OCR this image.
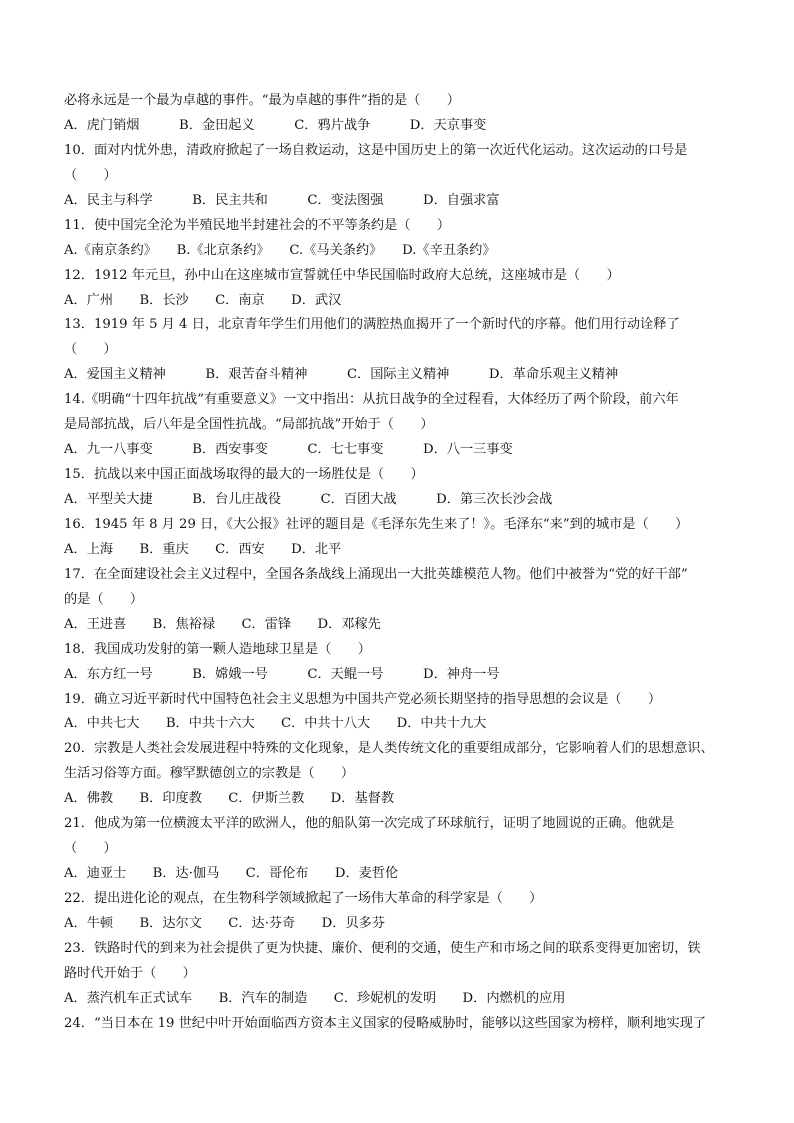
必将永远是一个最为卓越的事件。“最为卓越的事件”指的是（　　）
A．虎门销烟　　　B．金田起义　　　C．鸦片战争　　　D．天京事变
10．面对内忧外患，清政府掀起了一场自救运动，这是中国历史上的第一次近代化运动。这次运动的口号是
（　　）
A．民主与科学　　　B．民主共和　　　C．变法图强　　　D．自强求富
11．使中国完全沦为半殖民地半封建社会的不平等条约是（　　）
A.《南京条约》　　B.《北京条约》　　C.《马关条约》　　D.《辛丑条约》
12．1912 年元旦，孙中山在这座城市宣誓就任中华民国临时政府大总统，这座城市是（　　）
A．广州　　B．长沙　　C．南京　　D．武汉
13．1919 年 5 月 4 日，北京青年学生们用他们的满腔热血揭开了一个新时代的序幕。他们用行动诠释了
（　　）
A．爱国主义精神　　　B．艰苦奋斗精神　　　C．国际主义精神　　　D．革命乐观主义精神
14.《明确“十四年抗战”有重要意义》一文中指出：从抗日战争的全过程看，大体经历了两个阶段，前六年
是局部抗战，后八年是全国性抗战。“局部抗战”开始于（　　）
A．九一八事变　　　B．西安事变　　　C．七七事变　　　D．八一三事变
15．抗战以来中国正面战场取得的最大的一场胜仗是（　　）
A．平型关大捷　　　B．台儿庄战役　　　C．百团大战　　　D．第三次长沙会战
16．1945 年 8 月 29 日，《大公报》社评的题目是《毛泽东先生来了！》。毛泽东“来”到的城市是（　　）
A．上海　　B．重庆　　C．西安　　D．北平
17．在全面建设社会主义过程中，全国各条战线上涌现出一大批英雄模范人物。他们中被誉为“党的好干部”
的是（　　）
A．王进喜　　B．焦裕禄　　C．雷锋　　D．邓稼先
18．我国成功发射的第一颗人造地球卫星是（　　）
A．东方红一号　　　B．嫦娥一号　　　C．天鲲一号　　　D．神舟一号
19．确立习近平新时代中国特色社会主义思想为中国共产党必须长期坚持的指导思想的会议是（　　）
A．中共七大　　B．中共十六大　　C．中共十八大　　D．中共十九大
20．宗教是人类社会发展进程中特殊的文化现象，是人类传统文化的重要组成部分，它影响着人们的思想意识、
生活习俗等方面。穆罕默德创立的宗教是（　　）
A．佛教　　B．印度教　　C．伊斯兰教　　D．基督教
21．他成为第一位横渡太平洋的欧洲人，他的船队第一次完成了环球航行，证明了地圆说的正确。他就是
（　　）
A．迪亚士　　B．达·伽马　　C．哥伦布　　D．麦哲伦
22．提出进化论的观点，在生物科学领域掀起了一场伟大革命的科学家是（　　）
A．牛顿　　B．达尔文　　C．达·芬奇　　D．贝多芬
23．铁路时代的到来为社会提供了更为快捷、廉价、便利的交通，使生产和市场之间的联系变得更加密切，铁
路时代开始于（　　）
A．蒸汽机车正式试车　　B．汽车的制造　　C．珍妮机的发明　　D．内燃机的应用
24．“当日本在 19 世纪中叶开始面临西方资本主义国家的侵略威胁时，能够以这些国家为榜样，顺利地实现了
